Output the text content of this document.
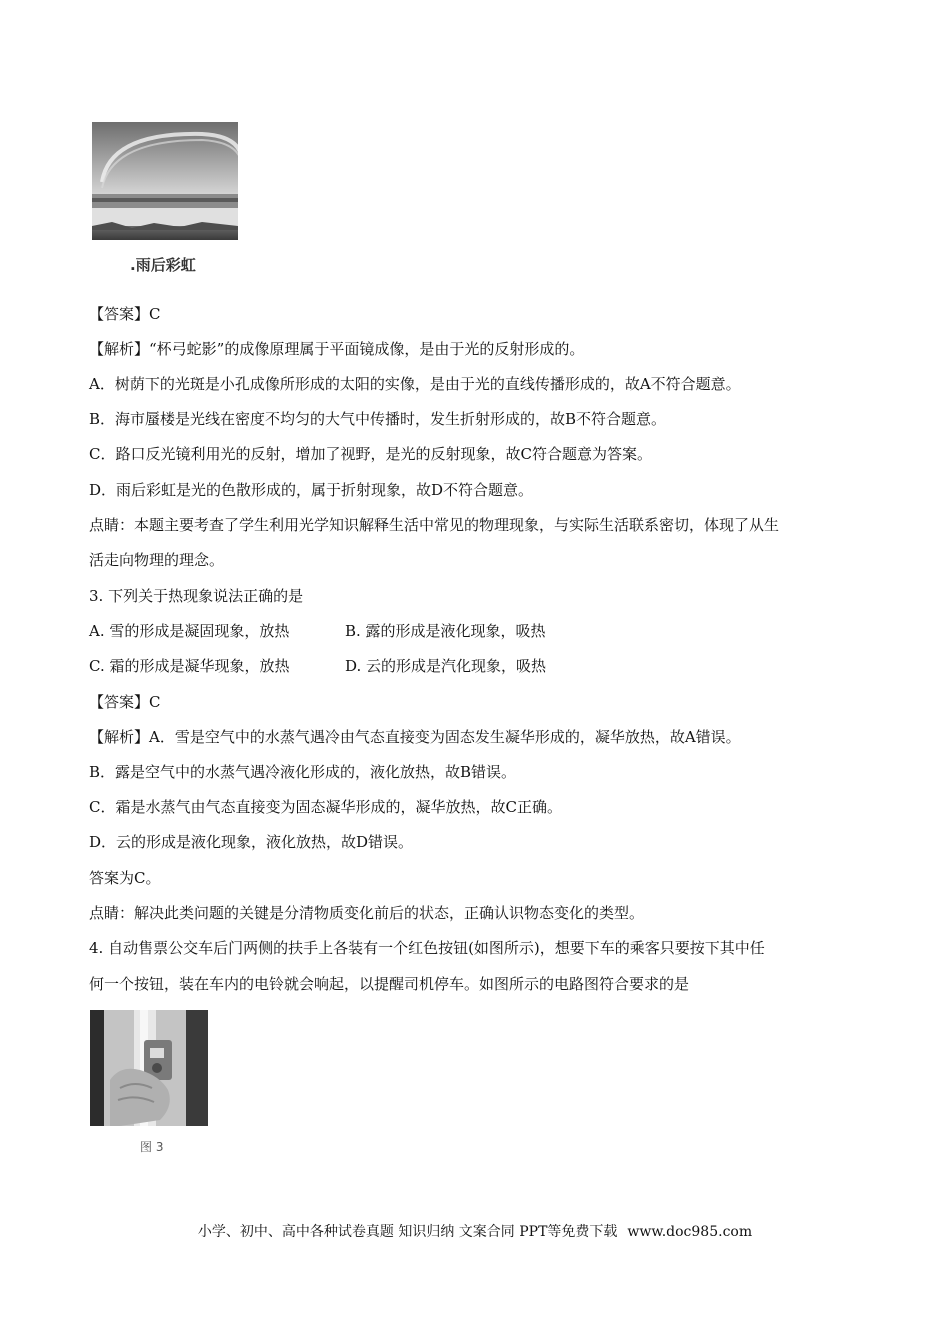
.雨后彩虹
【答案】C
【解析】“杯弓蛇影”的成像原理属于平面镜成像，是由于光的反射形成的。
A．树荫下的光斑是小孔成像所形成的太阳的实像，是由于光的直线传播形成的，故A不符合题意。
B．海市蜃楼是光线在密度不均匀的大气中传播时，发生折射形成的，故B不符合题意。
C．路口反光镜利用光的反射，增加了视野，是光的反射现象，故C符合题意为答案。
D．雨后彩虹是光的色散形成的，属于折射现象，故D不符合题意。
点睛：本题主要考查了学生利用光学知识解释生活中常见的物理现象，与实际生活联系密切，体现了从生
活走向物理的理念。
3. 下列关于热现象说法正确的是
A. 雪的形成是凝固现象，放热	B. 露的形成是液化现象，吸热
C. 霜的形成是凝华现象，放热	D. 云的形成是汽化现象，吸热
【答案】C
【解析】A．雪是空气中的水蒸气遇冷由气态直接变为固态发生凝华形成的，凝华放热，故A错误。
B．露是空气中的水蒸气遇冷液化形成的，液化放热，故B错误。
C．霜是水蒸气由气态直接变为固态凝华形成的，凝华放热，故C正确。
D．云的形成是液化现象，液化放热，故D错误。
答案为C。
点睛：解决此类问题的关键是分清物质变化前后的状态，正确认识物态变化的类型。
4. 自动售票公交车后门两侧的扶手上各装有一个红色按钮(如图所示)，想要下车的乘客只要按下其中任
何一个按钮，装在车内的电铃就会响起，以提醒司机停车。如图所示的电路图符合要求的是
图 3
小学、初中、高中各种试卷真题 知识归纳 文案合同 PPT等免费下载 www.doc985.com
